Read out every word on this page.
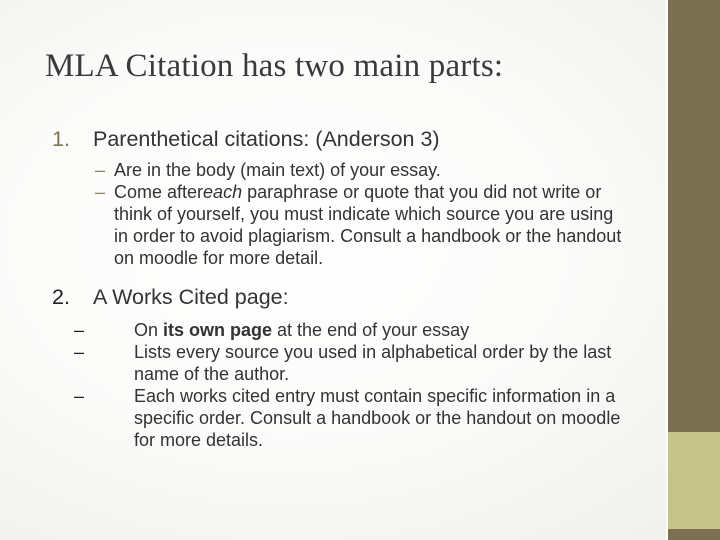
MLA Citation has two main parts:
1. Parenthetical citations: (Anderson 3)
– Are in the body (main text) of your essay.
– Come aftereach paraphrase or quote that you did not write or think of yourself, you must indicate which source you are using in order to avoid plagiarism. Consult a handbook or the handout on moodle for more detail.
2. A Works Cited page:
–	On its own page at the end of your essay
–	Lists every source you used in alphabetical order by the last name of the author.
–	Each works cited entry must contain specific information in a specific order. Consult a handbook or the handout on moodle for more details.
